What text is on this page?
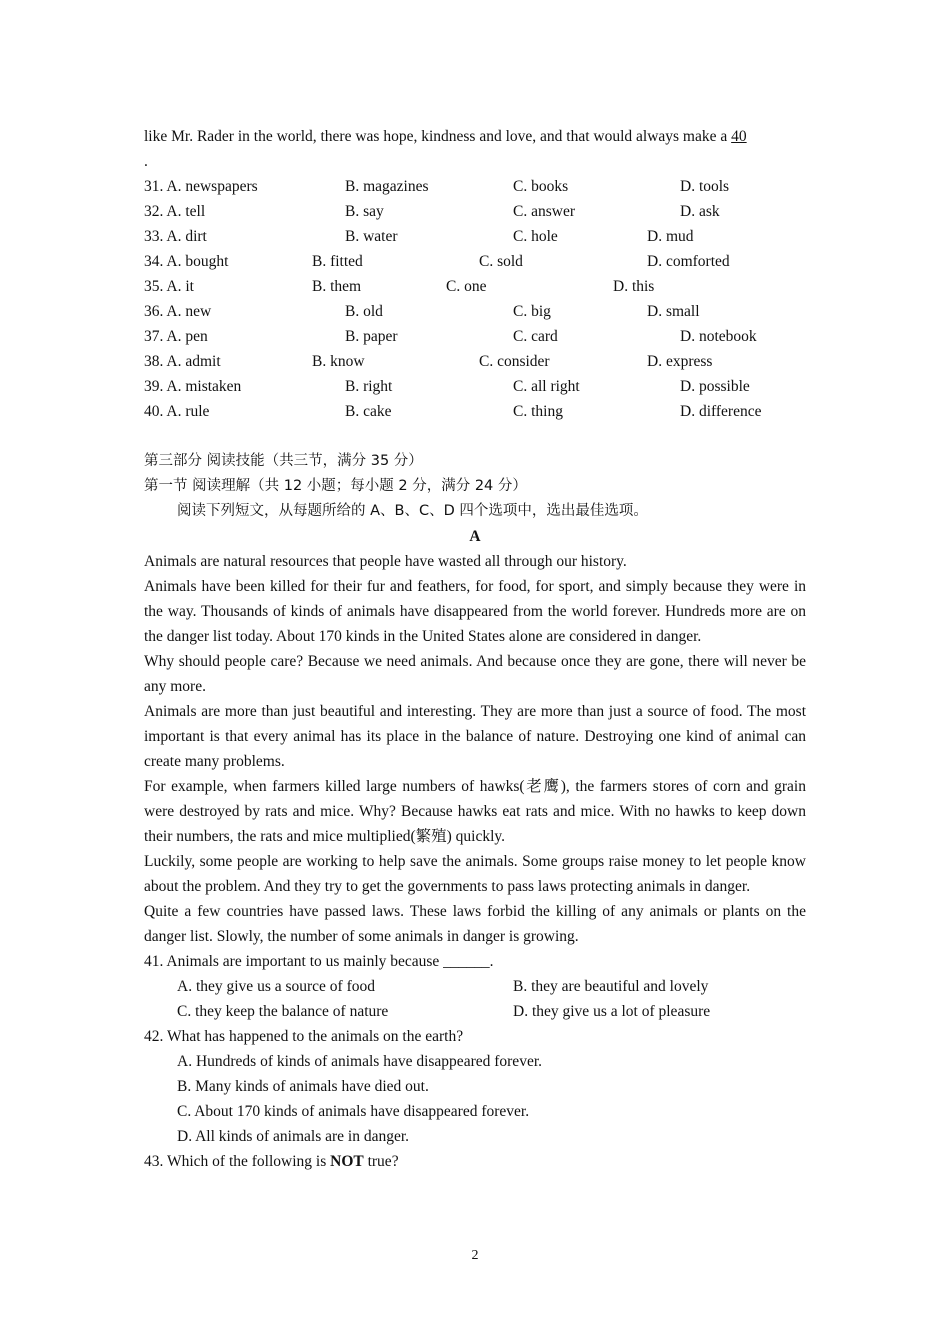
like Mr. Rader in the world, there was hope, kindness and love, and that would always make a 40
.
31. A. newspapers	B. magazines	C. books	D. tools
32. A. tell	B. say	C. answer	D. ask
33. A. dirt	B. water	C. hole	D. mud
34. A. bought	B. fitted	C. sold	D. comforted
35. A. it	B. them	C. one	D. this
36. A. new	B. old	C. big	D. small
37. A. pen	B. paper	C. card	D. notebook
38. A. admit	B. know	C. consider	D. express
39. A. mistaken	B. right	C. all right	D. possible
40. A. rule	B. cake	C. thing	D. difference
第三部分 阅读技能（共三节，满分 35 分）
第一节 阅读理解（共 12 小题；每小题 2 分，满分 24 分）
阅读下列短文，从每题所给的 A、B、C、D 四个选项中，选出最佳选项。
A

Animals are natural resources that people have wasted all through our history.

Animals have been killed for their fur and feathers, for food, for sport, and simply because they were in the way. Thousands of kinds of animals have disappeared from the world forever. Hundreds more are on the danger list today. About 170 kinds in the United States alone are considered in danger.

Why should people care? Because we need animals. And because once they are gone, there will never be any more.

Animals are more than just beautiful and interesting. They are more than just a source of food. The most important is that every animal has its place in the balance of nature. Destroying one kind of animal can create many problems.

For example, when farmers killed large numbers of hawks(老鹰), the farmers stores of corn and grain were destroyed by rats and mice. Why? Because hawks eat rats and mice. With no hawks to keep down their numbers, the rats and mice multiplied(繁殖) quickly.

Luckily, some people are working to help save the animals. Some groups raise money to let people know about the problem. And they try to get the governments to pass laws protecting animals in danger.

Quite a few countries have passed laws. These laws forbid the killing of any animals or plants on the danger list. Slowly, the number of some animals in danger is growing.

41. Animals are important to us mainly because ______.
A. they give us a source of food	B. they are beautiful and lovely
C. they keep the balance of nature	D. they give us a lot of pleasure
42. What has happened to the animals on the earth?
A. Hundreds of kinds of animals have disappeared forever.
B. Many kinds of animals have died out.
C. About 170 kinds of animals have disappeared forever.
D. All kinds of animals are in danger.
43. Which of the following is NOT true?
2
